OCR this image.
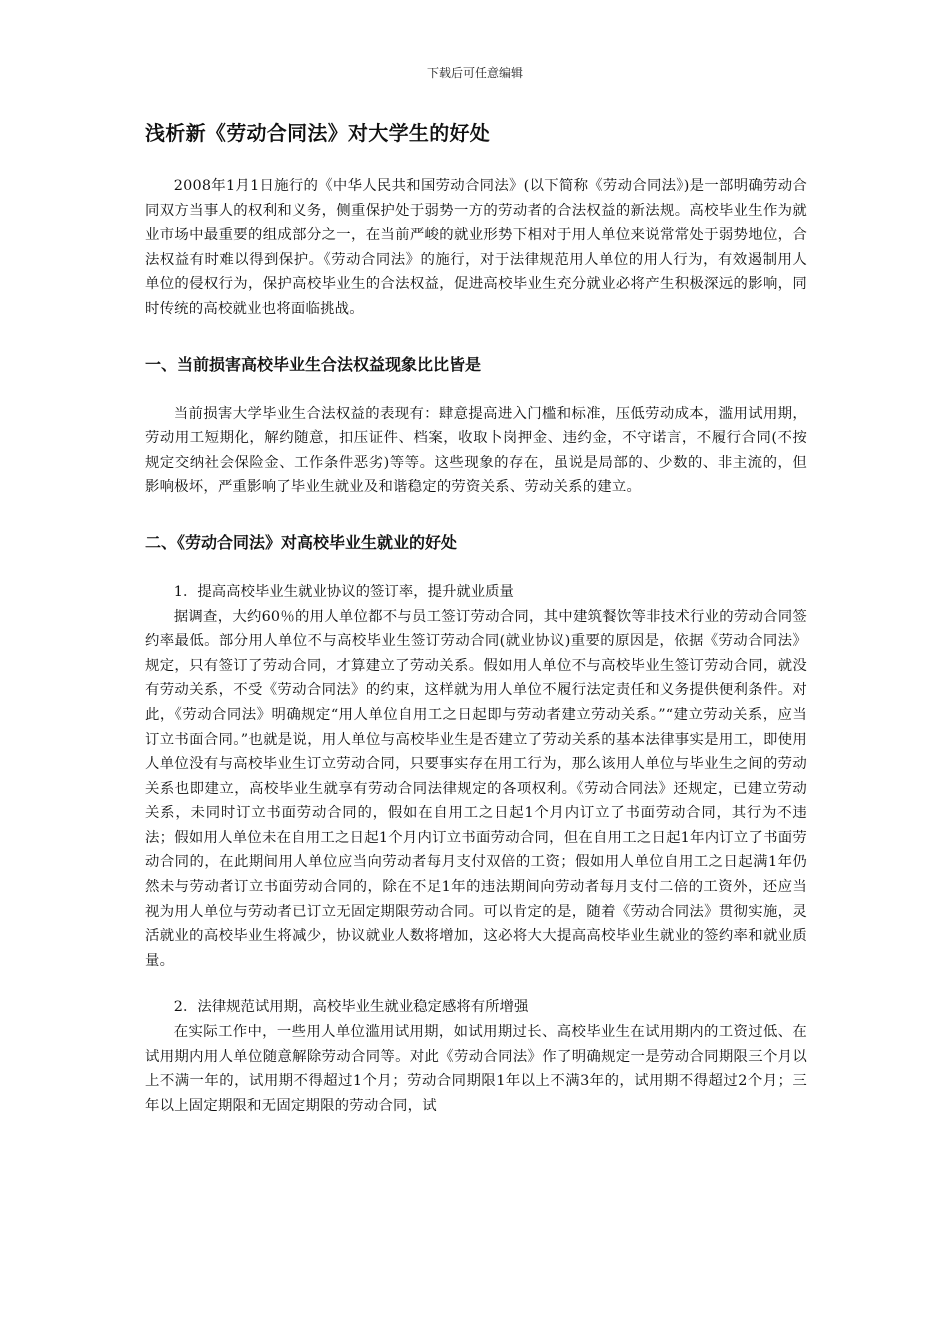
下载后可任意编辑
浅析新《劳动合同法》对大学生的好处

2008年1月1日施行的《中华人民共和国劳动合同法》(以下简称《劳动合同法》)是一部明确劳动合同双方当事人的权利和义务，侧重保护处于弱势一方的劳动者的合法权益的新法规。高校毕业生作为就业市场中最重要的组成部分之一，在当前严峻的就业形势下相对于用人单位来说常常处于弱势地位，合法权益有时难以得到保护。《劳动合同法》的施行，对于法律规范用人单位的用人行为，有效遏制用人单位的侵权行为，保护高校毕业生的合法权益，促进高校毕业生充分就业必将产生积极深远的影响，同时传统的高校就业也将面临挑战。

一、当前损害高校毕业生合法权益现象比比皆是

当前损害大学毕业生合法权益的表现有：肆意提高进入门槛和标准，压低劳动成本，滥用试用期，劳动用工短期化，解约随意，扣压证件、档案，收取卜岗押金、违约金，不守诺言，不履行合同(不按规定交纳社会保险金、工作条件恶劣)等等。这些现象的存在，虽说是局部的、少数的、非主流的，但影响极坏，严重影响了毕业生就业及和谐稳定的劳资关系、劳动关系的建立。

二、《劳动合同法》对高校毕业生就业的好处

1．提高高校毕业生就业协议的签订率，提升就业质量

据调查，大约60％的用人单位都不与员工签订劳动合同，其中建筑餐饮等非技术行业的劳动合同签约率最低。部分用人单位不与高校毕业生签订劳动合同(就业协议)重要的原因是，依据《劳动合同法》规定，只有签订了劳动合同，才算建立了劳动关系。假如用人单位不与高校毕业生签订劳动合同，就没有劳动关系，不受《劳动合同法》的约束，这样就为用人单位不履行法定责任和义务提供便利条件。对此，《劳动合同法》明确规定“用人单位自用工之日起即与劳动者建立劳动关系。”“建立劳动关系，应当订立书面合同。”也就是说，用人单位与高校毕业生是否建立了劳动关系的基本法律事实是用工，即使用人单位没有与高校毕业生订立劳动合同，只要事实存在用工行为，那么该用人单位与毕业生之间的劳动关系也即建立，高校毕业生就享有劳动合同法律规定的各项权利。《劳动合同法》还规定，已建立劳动关系，未同时订立书面劳动合同的，假如在自用工之日起1个月内订立了书面劳动合同，其行为不违法；假如用人单位未在自用工之日起1个月内订立书面劳动合同，但在自用工之日起1年内订立了书面劳动合同的，在此期间用人单位应当向劳动者每月支付双倍的工资；假如用人单位自用工之日起满1年仍然未与劳动者订立书面劳动合同的，除在不足1年的违法期间向劳动者每月支付二倍的工资外，还应当视为用人单位与劳动者已订立无固定期限劳动合同。可以肯定的是，随着《劳动合同法》贯彻实施，灵活就业的高校毕业生将减少，协议就业人数将增加，这必将大大提高高校毕业生就业的签约率和就业质量。

2．法律规范试用期，高校毕业生就业稳定感将有所增强

在实际工作中，一些用人单位滥用试用期，如试用期过长、高校毕业生在试用期内的工资过低、在试用期内用人单位随意解除劳动合同等。对此《劳动合同法》作了明确规定一是劳动合同期限三个月以上不满一年的，试用期不得超过1个月；劳动合同期限1年以上不满3年的，试用期不得超过2个月；三年以上固定期限和无固定期限的劳动合同，试
